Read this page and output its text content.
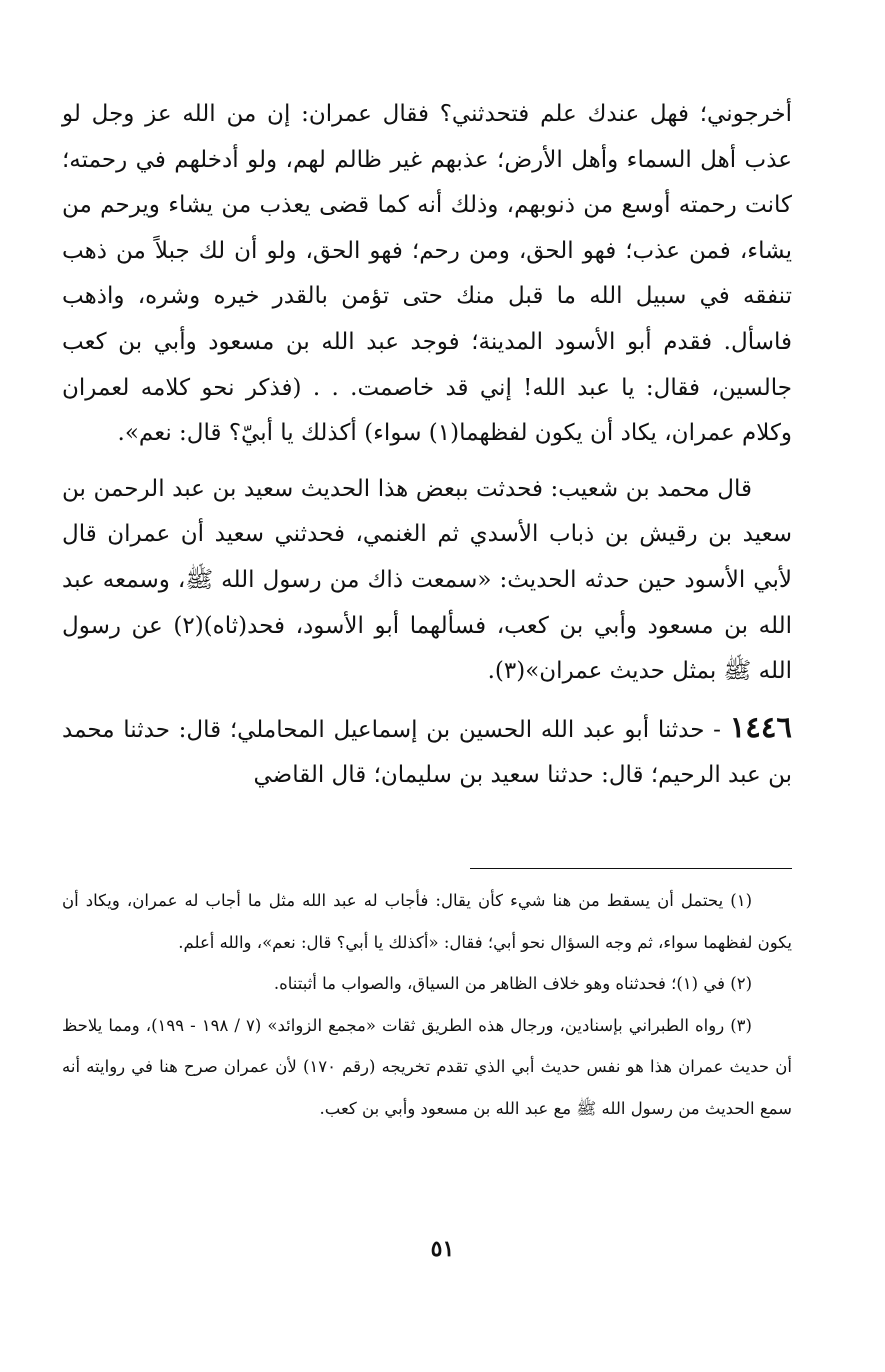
أخرجوني؛ فهل عندك علم فتحدثني؟ فقال عمران: إن من الله عز وجل لو عذب أهل السماء وأهل الأرض؛ عذبهم غير ظالم لهم، ولو أدخلهم في رحمته؛ كانت رحمته أوسع من ذنوبهم، وذلك أنه كما قضى يعذب من يشاء ويرحم من يشاء، فمن عذب؛ فهو الحق، ومن رحم؛ فهو الحق، ولو أن لك جبلاً من ذهب تنفقه في سبيل الله ما قبل منك حتى تؤمن بالقدر خيره وشره، واذهب فاسأل. فقدم أبو الأسود المدينة؛ فوجد عبد الله بن مسعود وأبي بن كعب جالسين، فقال: يا عبد الله! إني قد خاصمت. . . (فذكر نحو كلامه لعمران وكلام عمران، يكاد أن يكون لفظهما(١) سواء) أكذلك يا أبيّ؟ قال: نعم».

قال محمد بن شعيب: فحدثت ببعض هذا الحديث سعيد بن عبد الرحمن بن سعيد بن رقيش بن ذباب الأسدي ثم الغنمي، فحدثني سعيد أن عمران قال لأبي الأسود حين حدثه الحديث: «سمعت ذاك من رسول الله ﷺ، وسمعه عبد الله بن مسعود وأبي بن كعب، فسألهما أبو الأسود، فحد(ثاه)(٢) عن رسول الله ﷺ بمثل حديث عمران»(٣).

١٤٤٦ - حدثنا أبو عبد الله الحسين بن إسماعيل المحاملي؛ قال: حدثنا محمد بن عبد الرحيم؛ قال: حدثنا سعيد بن سليمان؛ قال القاضي

(١) يحتمل أن يسقط من هنا شيء كأن يقال: فأجاب له عبد الله مثل ما أجاب له عمران، ويكاد أن يكون لفظهما سواء، ثم وجه السؤال نحو أبي؛ فقال: «أكذلك يا أبي؟ قال: نعم»، والله أعلم.

(٢) في (١)؛ فحدثناه وهو خلاف الظاهر من السياق، والصواب ما أثبتناه.

(٣) رواه الطبراني بإسنادين، ورجال هذه الطريق ثقات «مجمع الزوائد» (٧ / ١٩٨ - ١٩٩)، ومما يلاحظ أن حديث عمران هذا هو نفس حديث أبي الذي تقدم تخريجه (رقم ١٧٠) لأن عمران صرح هنا في روايته أنه سمع الحديث من رسول الله ﷺ مع عبد الله بن مسعود وأبي بن كعب.

٥١
